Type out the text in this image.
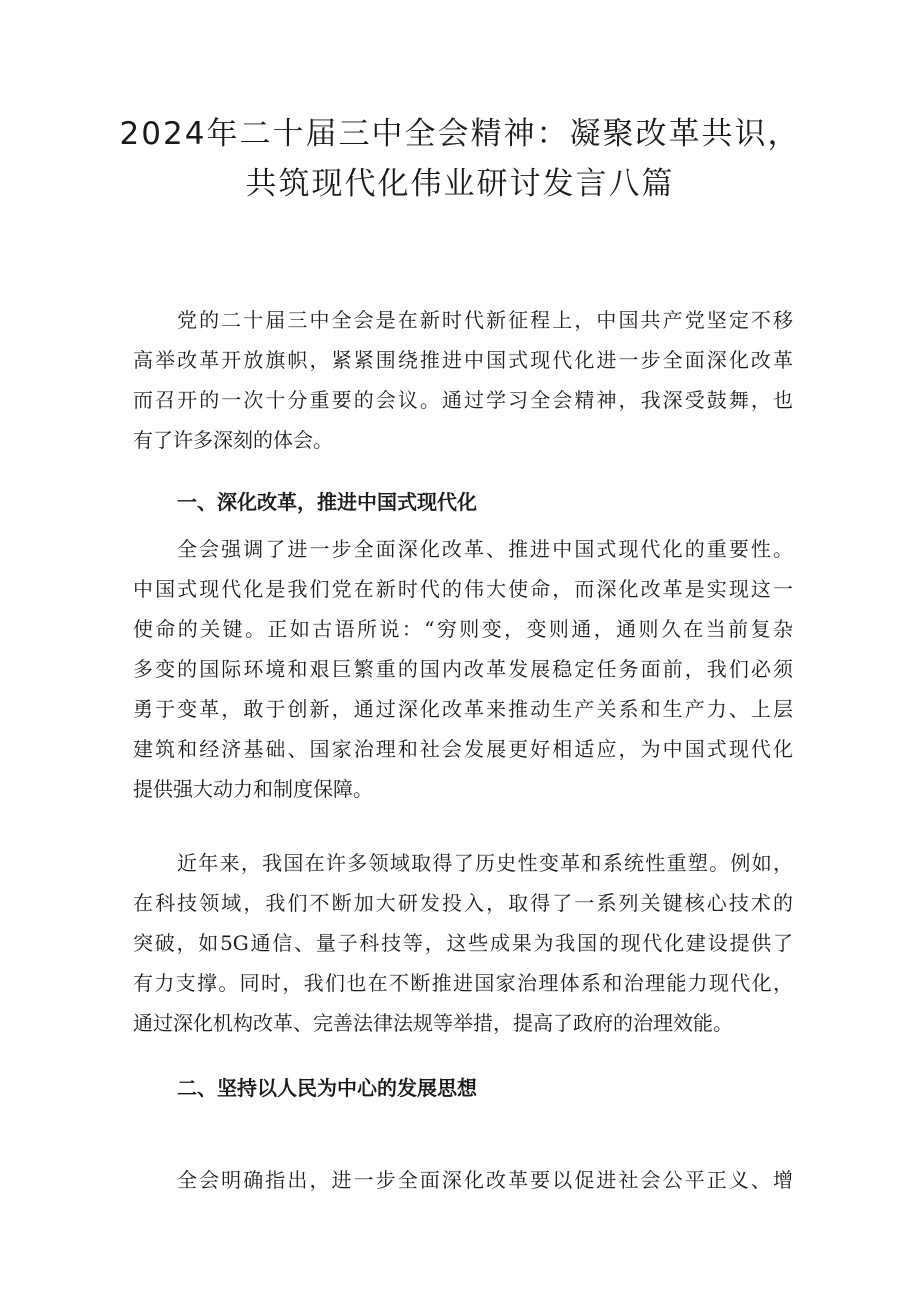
2024年二十届三中全会精神：凝聚改革共识，
共筑现代化伟业研讨发言八篇

党的二十届三中全会是在新时代新征程上，中国共产党坚定不移
高举改革开放旗帜，紧紧围绕推进中国式现代化进一步全面深化改革
而召开的一次十分重要的会议。通过学习全会精神，我深受鼓舞，也
有了许多深刻的体会。

一、深化改革，推进中国式现代化

全会强调了进一步全面深化改革、推进中国式现代化的重要性。
中国式现代化是我们党在新时代的伟大使命，而深化改革是实现这一
使命的关键。正如古语所说：“穷则变，变则通，通则久在当前复杂
多变的国际环境和艰巨繁重的国内改革发展稳定任务面前，我们必须
勇于变革，敢于创新，通过深化改革来推动生产关系和生产力、上层
建筑和经济基础、国家治理和社会发展更好相适应，为中国式现代化
提供强大动力和制度保障。

近年来，我国在许多领域取得了历史性变革和系统性重塑。例如，
在科技领域，我们不断加大研发投入，取得了一系列关键核心技术的
突破，如5G通信、量子科技等，这些成果为我国的现代化建设提供了
有力支撑。同时，我们也在不断推进国家治理体系和治理能力现代化，
通过深化机构改革、完善法律法规等举措，提高了政府的治理效能。

二、坚持以人民为中心的发展思想

全会明确指出，进一步全面深化改革要以促进社会公平正义、增
